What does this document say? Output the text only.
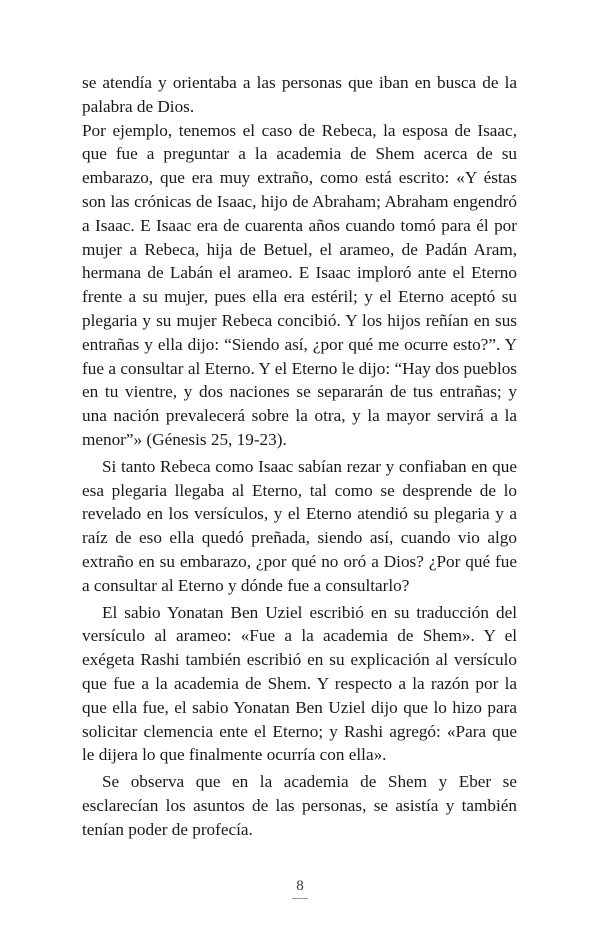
se atendía y orientaba a las personas que iban en busca de la palabra de Dios.

Por ejemplo, tenemos el caso de Rebeca, la esposa de Isaac, que fue a preguntar a la academia de Shem acerca de su embarazo, que era muy extraño, como está escrito: «Y éstas son las crónicas de Isaac, hijo de Abraham; Abraham engendró a Isaac. E Isaac era de cuarenta años cuando tomó para él por mujer a Rebeca, hija de Betuel, el arameo, de Padán Aram, hermana de Labán el arameo. E Isaac imploró ante el Eterno frente a su mujer, pues ella era estéril; y el Eterno aceptó su plegaria y su mujer Rebeca concibió. Y los hijos reñían en sus entrañas y ella dijo: “Siendo así, ¿por qué me ocurre esto?”. Y fue a consultar al Eterno. Y el Eterno le dijo: “Hay dos pueblos en tu vientre, y dos naciones se separarán de tus entrañas; y una nación prevalecerá sobre la otra, y la mayor servirá a la menor”» (Génesis 25, 19-23).

Si tanto Rebeca como Isaac sabían rezar y confiaban en que esa plegaria llegaba al Eterno, tal como se desprende de lo revelado en los versículos, y el Eterno atendió su plegaria y a raíz de eso ella quedó preñada, siendo así, cuando vio algo extraño en su embarazo, ¿por qué no oró a Dios? ¿Por qué fue a consultar al Eterno y dónde fue a consultarlo?

El sabio Yonatan Ben Uziel escribió en su traducción del versículo al arameo: «Fue a la academia de Shem». Y el exégeta Rashi también escribió en su explicación al versículo que fue a la academia de Shem. Y respecto a la razón por la que ella fue, el sabio Yonatan Ben Uziel dijo que lo hizo para solicitar clemencia ente el Eterno; y Rashi agregó: «Para que le dijera lo que finalmente ocurría con ella».

Se observa que en la academia de Shem y Eber se esclarecían los asuntos de las personas, se asistía y también tenían poder de profecía.

8
